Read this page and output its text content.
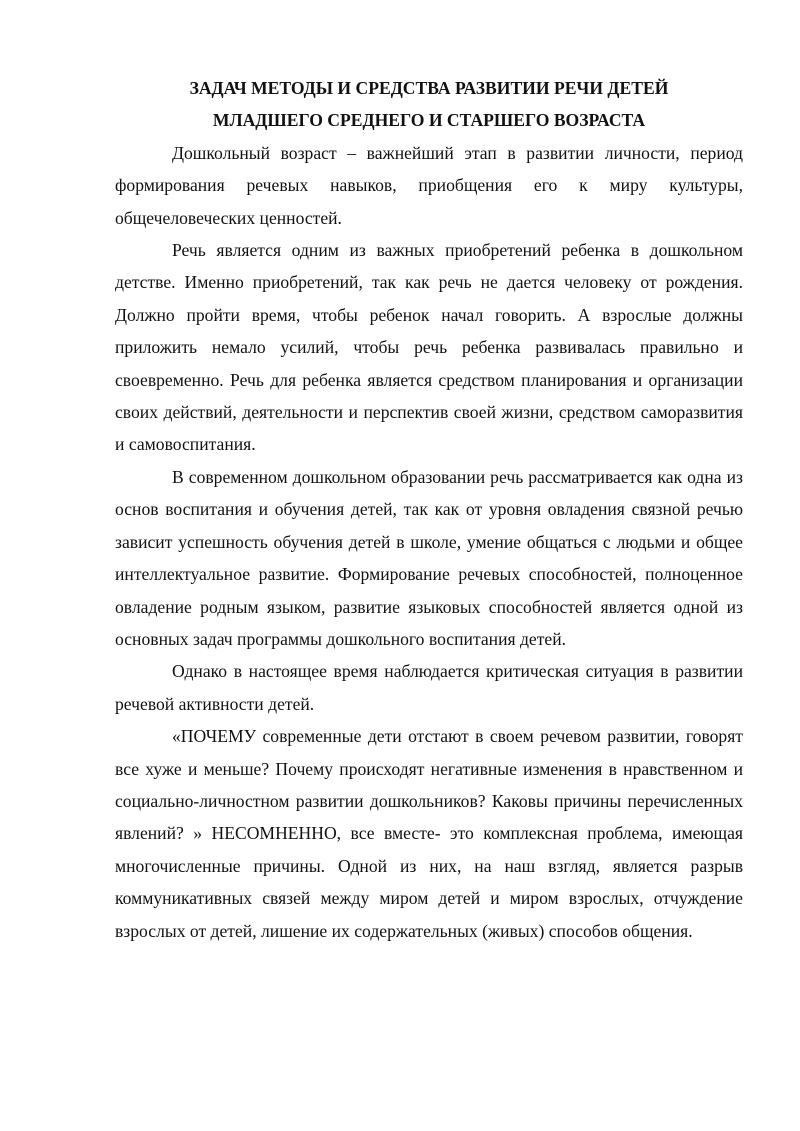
ЗАДАЧ МЕТОДЫ И СРЕДСТВА РАЗВИТИИ РЕЧИ ДЕТЕЙ
МЛАДШЕГО СРЕДНЕГО И СТАРШЕГО ВОЗРАСТА

Дошкольный возраст – важнейший этап в развитии личности, период формирования речевых навыков, приобщения его к миру культуры, общечеловеческих ценностей.

Речь является одним из важных приобретений ребенка в дошкольном детстве. Именно приобретений, так как речь не дается человеку от рождения. Должно пройти время, чтобы ребенок начал говорить. А взрослые должны приложить немало усилий, чтобы речь ребенка развивалась правильно и своевременно. Речь для ребенка является средством планирования и организации своих действий, деятельности и перспектив своей жизни, средством саморазвития и самовоспитания.

В современном дошкольном образовании речь рассматривается как одна из основ воспитания и обучения детей, так как от уровня овладения связной речью зависит успешность обучения детей в школе, умение общаться с людьми и общее интеллектуальное развитие. Формирование речевых способностей, полноценное овладение родным языком, развитие языковых способностей является одной из основных задач программы дошкольного воспитания детей.

Однако в настоящее время наблюдается критическая ситуация в развитии речевой активности детей.

«ПОЧЕМУ современные дети отстают в своем речевом развитии, говорят все хуже и меньше? Почему происходят негативные изменения в нравственном и социально-личностном развитии дошкольников? Каковы причины перечисленных явлений? » НЕСОМНЕННО, все вместе- это комплексная проблема, имеющая многочисленные причины. Одной из них, на наш взгляд, является разрыв коммуникативных связей между миром детей и миром взрослых, отчуждение взрослых от детей, лишение их содержательных (живых) способов общения.
